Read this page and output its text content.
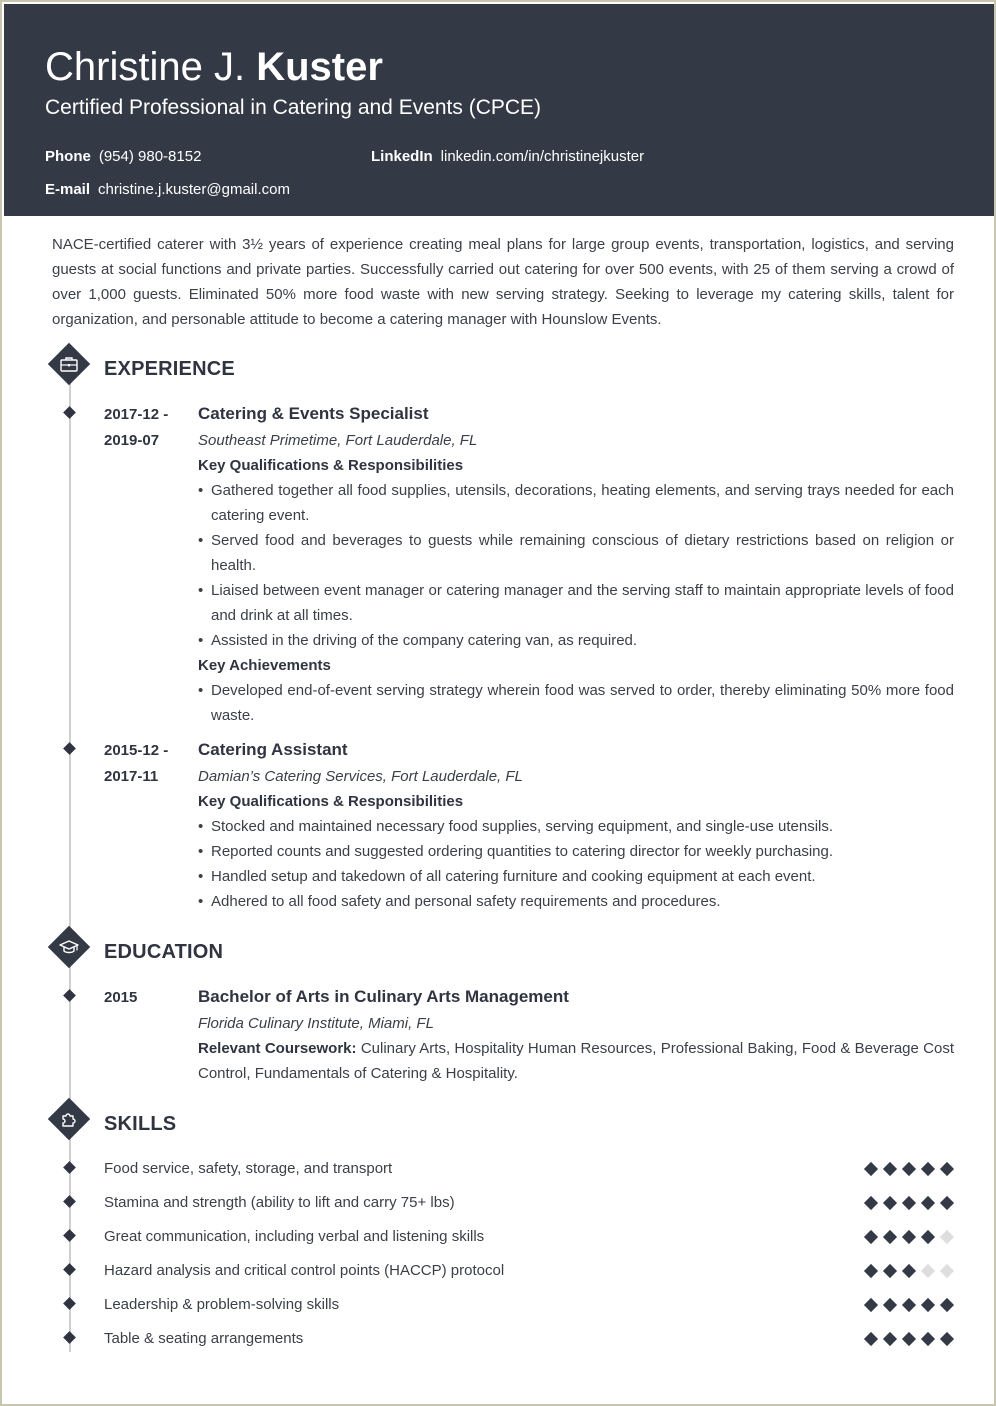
Christine J. Kuster
Certified Professional in Catering and Events (CPCE)
Phone (954) 980-8152	LinkedIn linkedin.com/in/christinejkuster
E-mail christine.j.kuster@gmail.com
NACE-certified caterer with 3½ years of experience creating meal plans for large group events, transportation, logistics, and serving guests at social functions and private parties. Successfully carried out catering for over 500 events, with 25 of them serving a crowd of over 1,000 guests. Eliminated 50% more food waste with new serving strategy. Seeking to leverage my catering skills, talent for organization, and personable attitude to become a catering manager with Hounslow Events.
EXPERIENCE
2017-12 -
2019-07
Catering & Events Specialist
Southeast Primetime, Fort Lauderdale, FL
Key Qualifications & Responsibilities
• Gathered together all food supplies, utensils, decorations, heating elements, and serving trays needed for each catering event.
• Served food and beverages to guests while remaining conscious of dietary restrictions based on religion or health.
• Liaised between event manager or catering manager and the serving staff to maintain appropriate levels of food and drink at all times.
• Assisted in the driving of the company catering van, as required.
Key Achievements
• Developed end-of-event serving strategy wherein food was served to order, thereby eliminating 50% more food waste.
2015-12 -
2017-11
Catering Assistant
Damian’s Catering Services, Fort Lauderdale, FL
Key Qualifications & Responsibilities
• Stocked and maintained necessary food supplies, serving equipment, and single-use utensils.
• Reported counts and suggested ordering quantities to catering director for weekly purchasing.
• Handled setup and takedown of all catering furniture and cooking equipment at each event.
• Adhered to all food safety and personal safety requirements and procedures.
EDUCATION
2015	Bachelor of Arts in Culinary Arts Management
Florida Culinary Institute, Miami, FL
Relevant Coursework: Culinary Arts, Hospitality Human Resources, Professional Baking, Food & Beverage Cost Control, Fundamentals of Catering & Hospitality.
SKILLS
Food service, safety, storage, and transport
Stamina and strength (ability to lift and carry 75+ lbs)
Great communication, including verbal and listening skills
Hazard analysis and critical control points (HACCP) protocol
Leadership & problem-solving skills
Table & seating arrangements
